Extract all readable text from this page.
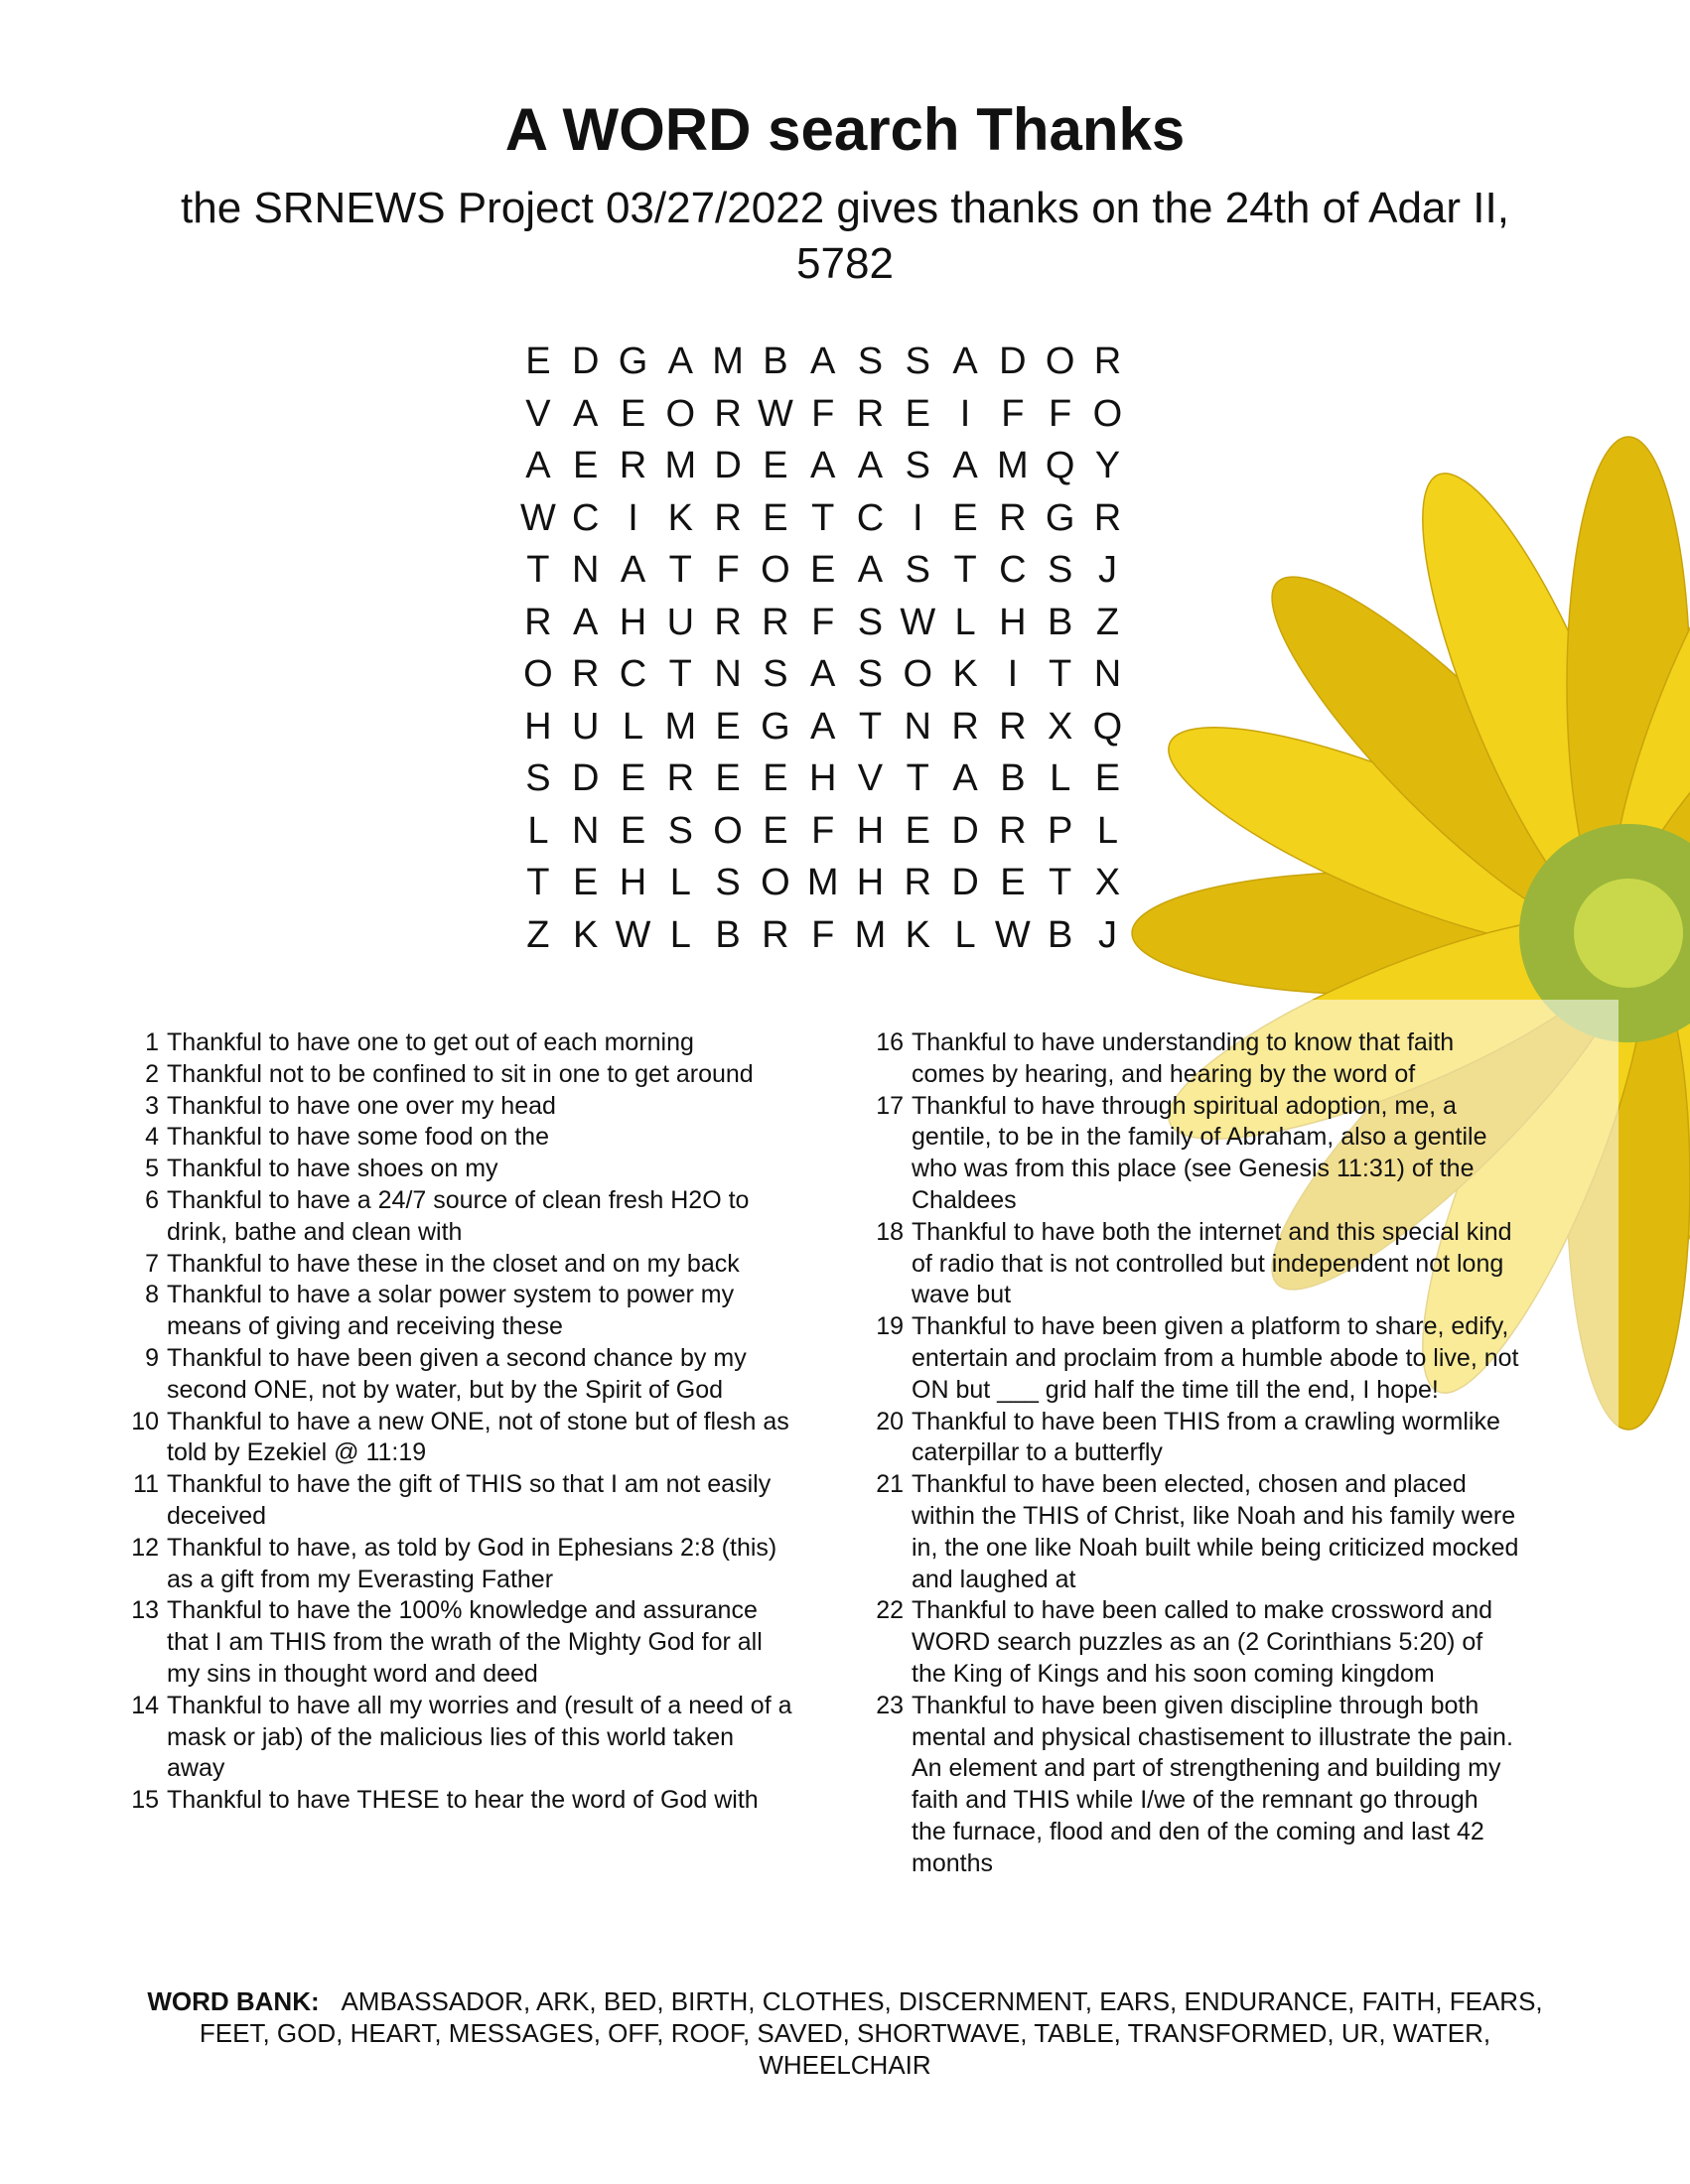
A WORD search Thanks
the SRNEWS Project 03/27/2022 gives thanks on the 24th of Adar II, 5782
E D G A M B A S S A D O R
V A E O R W F R E I F F O
A E R M D E A A S A M Q Y
W C I K R E T C I E R G R
T N A T F O E A S T C S J
R A H U R R F S W L H B Z
O R C T N S A S O K I T N
H U L M E G A T N R R X Q
S D E R E E H V T A B L E
L N E S O E F H E D R P L
T E H L S O M H R D E T X
Z K W L B R F M K L W B J
1 Thankful to have one to get out of each morning
2 Thankful not to be confined to sit in one to get around
3 Thankful to have one over my head
4 Thankful to have some food on the
5 Thankful to have shoes on my
6 Thankful to have a 24/7 source of clean fresh H2O to drink, bathe and clean with
7 Thankful to have these in the closet and on my back
8 Thankful to have a solar power system to power my means of giving and receiving these
9 Thankful to have been given a second chance by my second ONE, not by water, but by the Spirit of God
10 Thankful to have a new ONE, not of stone but of flesh as told by Ezekiel @ 11:19
11 Thankful to have the gift of THIS so that I am not easily deceived
12 Thankful to have, as told by God in Ephesians 2:8 (this) as a gift from my Everasting Father
13 Thankful to have the 100% knowledge and assurance that I am THIS from the wrath of the Mighty God for all my sins in thought word and deed
14 Thankful to have all my worries and (result of a need of a mask or jab) of the malicious lies of this world taken away
15 Thankful to have THESE to hear the word of God with
16 Thankful to have understanding to know that faith comes by hearing, and hearing by the word of
17 Thankful to have through spiritual adoption, me, a gentile, to be in the family of Abraham, also a gentile who was from this place (see Genesis 11:31) of the Chaldees
18 Thankful to have both the internet and this special kind of radio that is not controlled but independent not long wave but
19 Thankful to have been given a platform to share, edify, entertain and proclaim from a humble abode to live, not ON but ___ grid half the time till the end, I hope!
20 Thankful to have been THIS from a crawling wormlike caterpillar to a butterfly
21 Thankful to have been elected, chosen and placed within the THIS of Christ, like Noah and his family were in, the one like Noah built while being criticized mocked and laughed at
22 Thankful to have been called to make crossword and WORD search puzzles as an (2 Corinthians 5:20) of the King of Kings and his soon coming kingdom
23 Thankful to have been given discipline through both mental and physical chastisement to illustrate the pain. An element and part of strengthening and building my faith and THIS while I/we of the remnant go through the furnace, flood and den of the coming and last 42 months

WORD BANK: AMBASSADOR, ARK, BED, BIRTH, CLOTHES, DISCERNMENT, EARS, ENDURANCE, FAITH, FEARS, FEET, GOD, HEART, MESSAGES, OFF, ROOF, SAVED, SHORTWAVE, TABLE, TRANSFORMED, UR, WATER, WHEELCHAIR
